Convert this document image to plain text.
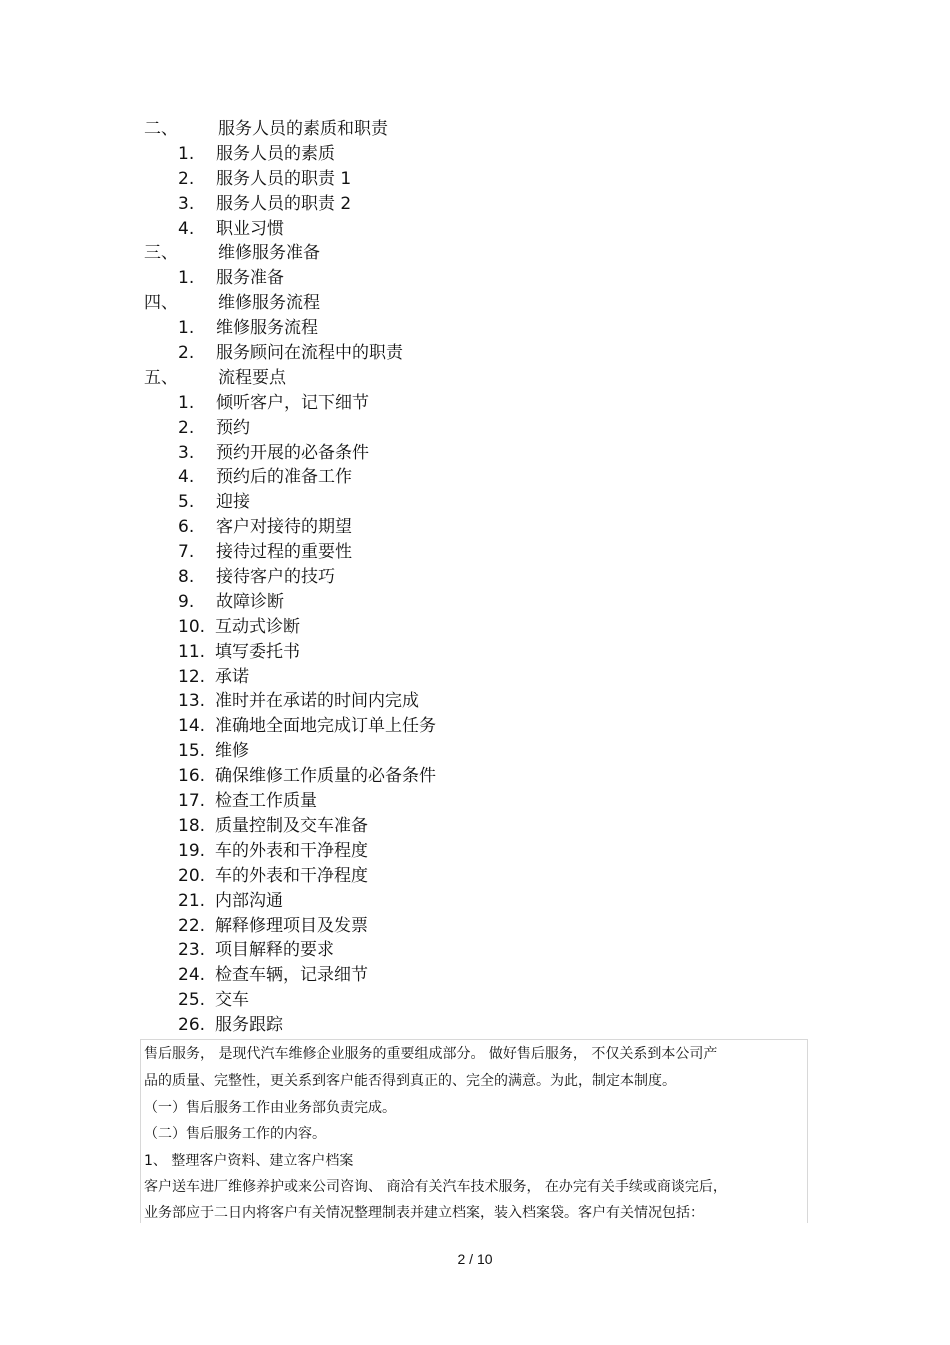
二、 服务人员的素质和职责
1. 服务人员的素质
2. 服务人员的职责 1
3. 服务人员的职责 2
4. 职业习惯
三、 维修服务准备
1. 服务准备
四、 维修服务流程
1. 维修服务流程
2. 服务顾问在流程中的职责
五、 流程要点
1. 倾听客户，记下细节
2. 预约
3. 预约开展的必备条件
4. 预约后的准备工作
5. 迎接
6. 客户对接待的期望
7. 接待过程的重要性
8. 接待客户的技巧
9. 故障诊断
10. 互动式诊断
11. 填写委托书
12. 承诺
13. 准时并在承诺的时间内完成
14. 准确地全面地完成订单上任务
15. 维修
16. 确保维修工作质量的必备条件
17. 检查工作质量
18. 质量控制及交车准备
19. 车的外表和干净程度
20. 车的外表和干净程度
21. 内部沟通
22. 解释修理项目及发票
23. 项目解释的要求
24. 检查车辆，记录细节
25. 交车
26. 服务跟踪
售后服务， 是现代汽车维修企业服务的重要组成部分。 做好售后服务， 不仅关系到本公司产
品的质量、完整性，更关系到客户能否得到真正的、完全的满意。为此，制定本制度。
（一）售后服务工作由业务部负责完成。
（二）售后服务工作的内容。
1、 整理客户资料、建立客户档案
客户送车进厂维修养护或来公司咨询、 商洽有关汽车技术服务， 在办完有关手续或商谈完后，
业务部应于二日内将客户有关情况整理制表并建立档案，装入档案袋。客户有关情况包括：
2 / 10
